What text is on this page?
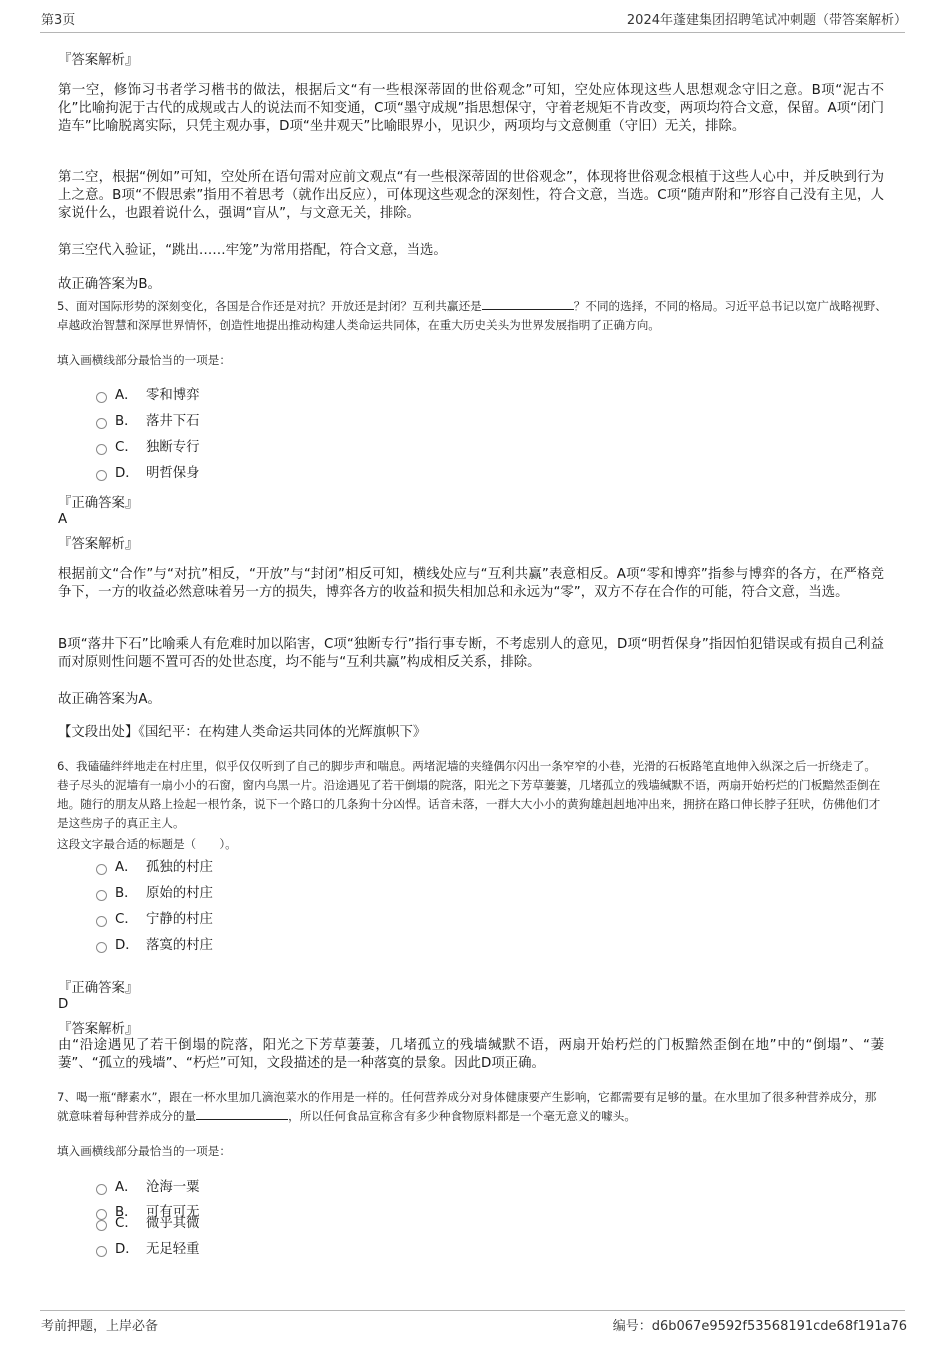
第3页	2024年蓬建集团招聘笔试冲刺题（带答案解析）
『答案解析』
第一空，修饰习书者学习楷书的做法，根据后文“有一些根深蒂固的世俗观念”可知，空处应体现这些人思想观念守旧之意。B项“泥古不化”比喻拘泥于古代的成规或古人的说法而不知变通，C项“墨守成规”指思想保守，守着老规矩不肯改变，两项均符合文意，保留。A项“闭门造车”比喻脱离实际，只凭主观办事，D项“坐井观天”比喻眼界小，见识少，两项均与文意侧重（守旧）无关，排除。
第二空，根据“例如”可知，空处所在语句需对应前文观点“有一些根深蒂固的世俗观念”，体现将世俗观念根植于这些人心中，并反映到行为上之意。B项“不假思索”指用不着思考（就作出反应），可体现这些观念的深刻性，符合文意，当选。C项“随声附和”形容自己没有主见，人家说什么，也跟着说什么，强调“盲从”，与文意无关，排除。
第三空代入验证，“跳出……牢笼”为常用搭配，符合文意，当选。
故正确答案为B。
5、面对国际形势的深刻变化，各国是合作还是对抗？开放还是封闭？互利共赢还是	？不同的选择，不同的格局。习近平总书记以宽广战略视野、卓越政治智慧和深厚世界情怀，创造性地提出推动构建人类命运共同体，在重大历史关头为世界发展指明了正确方向。
填入画横线部分最恰当的一项是：
A． 零和博弈
B． 落井下石
C． 独断专行
D． 明哲保身
『正确答案』
A
『答案解析』
根据前文“合作”与“对抗”相反，“开放”与“封闭”相反可知，横线处应与“互利共赢”表意相反。A项“零和博弈”指参与博弈的各方，在严格竞争下，一方的收益必然意味着另一方的损失，博弈各方的收益和损失相加总和永远为“零”，双方不存在合作的可能，符合文意，当选。
B项“落井下石”比喻乘人有危难时加以陷害，C项“独断专行”指行事专断，不考虑别人的意见，D项“明哲保身”指因怕犯错误或有损自己利益而对原则性问题不置可否的处世态度，均不能与“互利共赢”构成相反关系，排除。
故正确答案为A。
【文段出处】《国纪平：在构建人类命运共同体的光辉旗帜下》
6、我磕磕绊绊地走在村庄里，似乎仅仅听到了自己的脚步声和喘息。两堵泥墙的夹缝偶尔闪出一条窄窄的小巷，光滑的石板路笔直地伸入纵深之后一折绕走了。巷子尽头的泥墙有一扇小小的石窗，窗内乌黑一片。沿途遇见了若干倒塌的院落，阳光之下芳草萋萋，几堵孤立的残墙缄默不语，两扇开始朽烂的门板黯然歪倒在地。随行的朋友从路上捡起一根竹条，说下一个路口的几条狗十分凶悍。话音未落，一群大大小小的黄狗雄赳赳地冲出来，拥挤在路口伸长脖子狂吠，仿佛他们才是这些房子的真正主人。
这段文字最合适的标题是（　　）。
A． 孤独的村庄
B． 原始的村庄
C． 宁静的村庄
D． 落寞的村庄
『正确答案』
D
『答案解析』
由“沿途遇见了若干倒塌的院落，阳光之下芳草萋萋，几堵孤立的残墙缄默不语，两扇开始朽烂的门板黯然歪倒在地”中的“倒塌”、“萋萋”、“孤立的残墙”、“朽烂”可知，文段描述的是一种落寞的景象。因此D项正确。
7、喝一瓶“酵素水”，跟在一杯水里加几滴泡菜水的作用是一样的。任何营养成分对身体健康要产生影响，它都需要有足够的量。在水里加了很多种营养成分，那就意味着每种营养成分的量	，所以任何食品宣称含有多少种食物原料都是一个毫无意义的噱头。
填入画横线部分最恰当的一项是：
A． 沧海一粟
B． 可有可无
C． 微乎其微
D． 无足轻重
考前押题，上岸必备	编号：d6b067e9592f53568191cde68f191a76
